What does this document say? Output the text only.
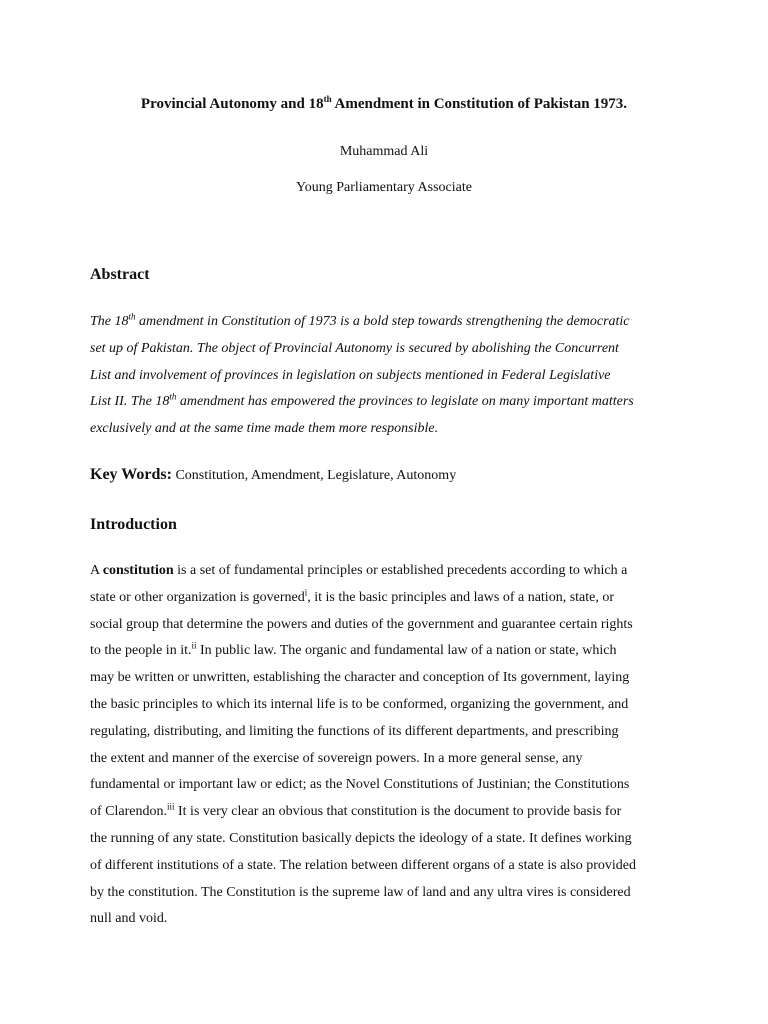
Provincial Autonomy and 18th Amendment in Constitution of Pakistan 1973.
Muhammad Ali
Young Parliamentary Associate
Abstract
The 18th amendment in Constitution of 1973 is a bold step towards strengthening the democratic
set up of Pakistan. The object of Provincial Autonomy is secured by abolishing the Concurrent
List and involvement of provinces in legislation on subjects mentioned in Federal Legislative
List II. The 18th amendment has empowered the provinces to legislate on many important matters
exclusively and at the same time made them more responsible.
Key Words: Constitution, Amendment, Legislature, Autonomy
Introduction
A constitution is a set of fundamental principles or established precedents according to which a
state or other organization is governed$^i$, it is the basic principles and laws of a nation, state, or
social group that determine the powers and duties of the government and guarantee certain rights
to the people in it.$^{ii}$ In public law. The organic and fundamental law of a nation or state, which
may be written or unwritten, establishing the character and conception of Its government, laying
the basic principles to which its internal life is to be conformed, organizing the government, and
regulating, distributing, and limiting the functions of its different departments, and prescribing
the extent and manner of the exercise of sovereign powers. In a more general sense, any
fundamental or important law or edict; as the Novel Constitutions of Justinian; the Constitutions
of Clarendon.$^{iii}$ It is very clear an obvious that constitution is the document to provide basis for
the running of any state. Constitution basically depicts the ideology of a state. It defines working
of different institutions of a state. The relation between different organs of a state is also provided
by the constitution. The Constitution is the supreme law of land and any ultra vires is considered
null and void.
